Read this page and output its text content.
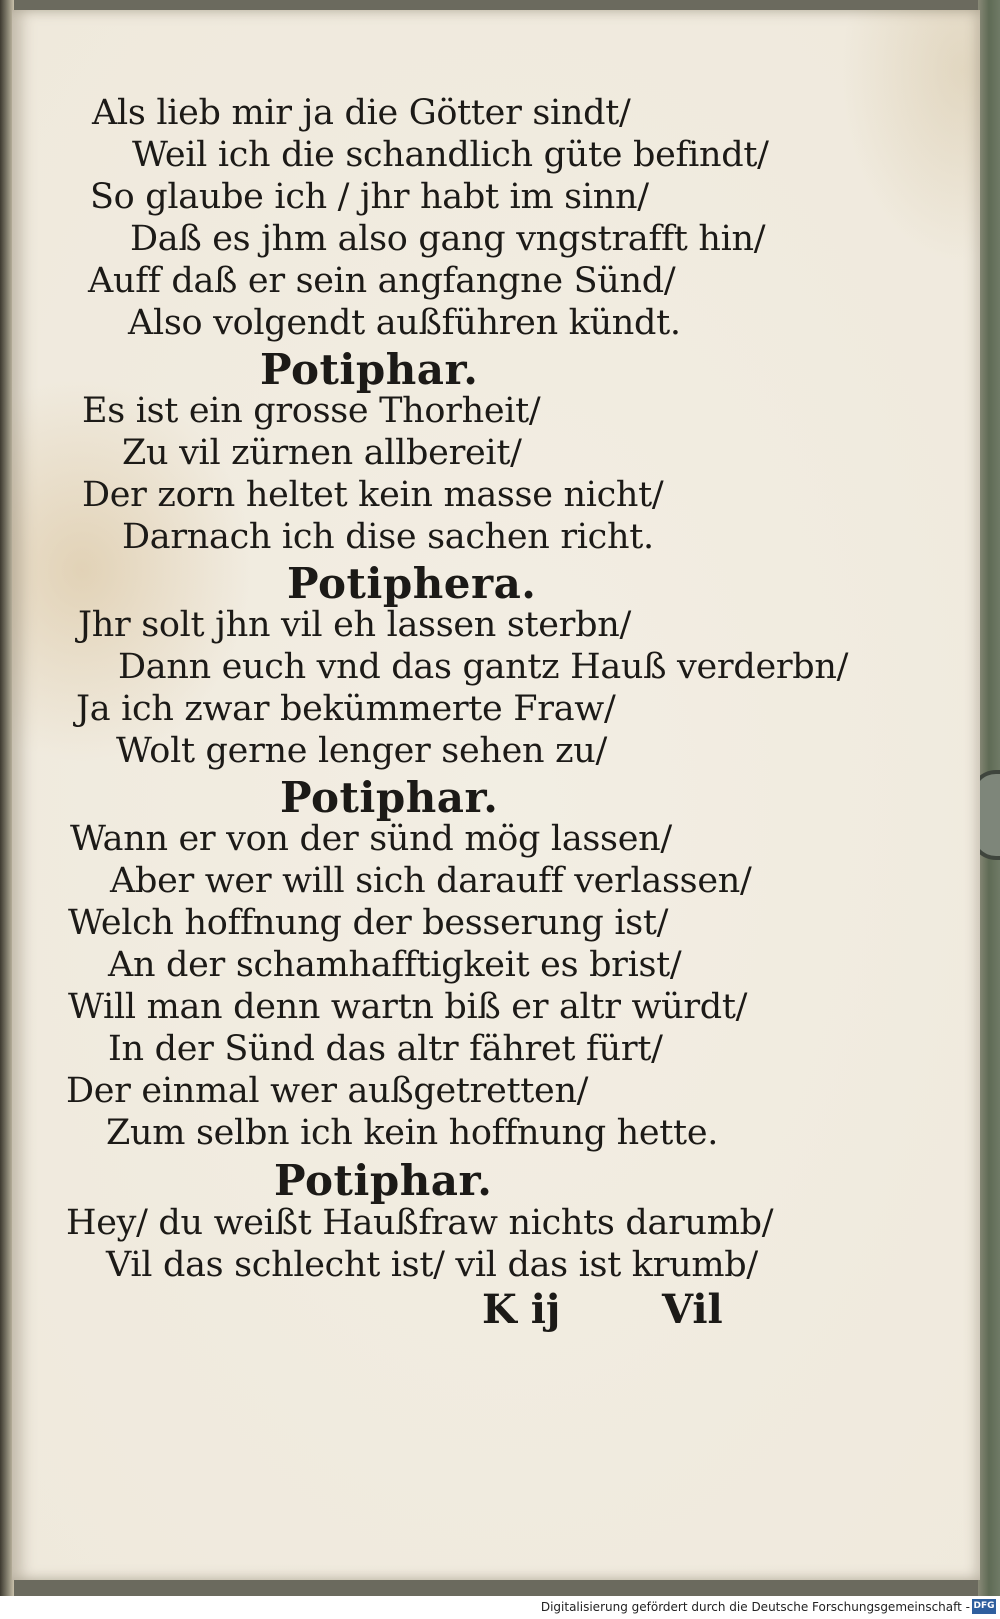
Als lieb mir ja die Götter sindt/
Weil ich die schandlich güte befindt/
So glaube ich / jhr habt im sinn/
Daß es jhm also gang vngstrafft hin/
Auff daß er sein angfangne Sünd/
Also volgendt außführen kündt.
Potiphar.
Es ist ein grosse Thorheit/
Zu vil zürnen allbereit/
Der zorn heltet kein masse nicht/
Darnach ich dise sachen richt.
Potiphera.
Jhr solt jhn vil eh lassen sterbn/
Dann euch vnd das gantz Hauß verderbn/
Ja ich zwar bekümmerte Fraw/
Wolt gerne lenger sehen zu/
Potiphar.
Wann er von der sünd mög lassen/
Aber wer will sich darauff verlassen/
Welch hoffnung der besserung ist/
An der schamhafftigkeit es brist/
Will man denn wartn biß er altr würdt/
In der Sünd das altr fähret fürt/
Der einmal wer außgetretten/
Zum selbn ich kein hoffnung hette.
Potiphar.
Hey/ du weißt Haußfraw nichts darumb/
Vil das schlecht ist/ vil das ist krumb/
K ij	Vil
Digitalisierung gefördert durch die Deutsche Forschungsgemeinschaft - DFG
